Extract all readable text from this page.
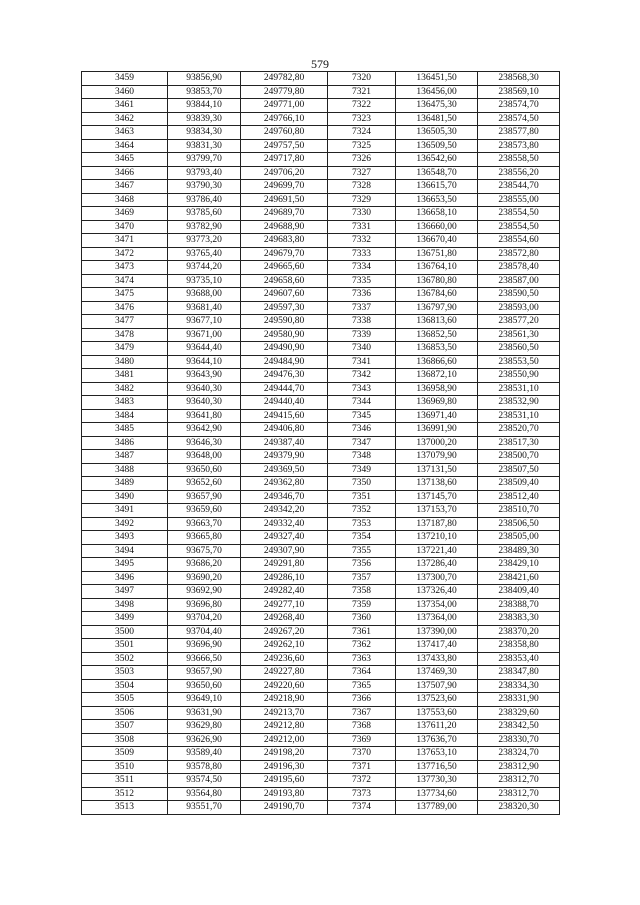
579
3459	93856,90	249782,80	7320	136451,50	238568,30
3460	93853,70	249779,80	7321	136456,00	238569,10
3461	93844,10	249771,00	7322	136475,30	238574,70
3462	93839,30	249766,10	7323	136481,50	238574,50
3463	93834,30	249760,80	7324	136505,30	238577,80
3464	93831,30	249757,50	7325	136509,50	238573,80
3465	93799,70	249717,80	7326	136542,60	238558,50
3466	93793,40	249706,20	7327	136548,70	238556,20
3467	93790,30	249699,70	7328	136615,70	238544,70
3468	93786,40	249691,50	7329	136653,50	238555,00
3469	93785,60	249689,70	7330	136658,10	238554,50
3470	93782,90	249688,90	7331	136660,00	238554,50
3471	93773,20	249683,80	7332	136670,40	238554,60
3472	93765,40	249679,70	7333	136751,80	238572,80
3473	93744,20	249665,60	7334	136764,10	238578,40
3474	93735,10	249658,60	7335	136780,80	238587,00
3475	93688,00	249607,60	7336	136784,60	238590,50
3476	93681,40	249597,30	7337	136797,90	238593,00
3477	93677,10	249590,80	7338	136813,60	238577,20
3478	93671,00	249580,90	7339	136852,50	238561,30
3479	93644,40	249490,90	7340	136853,50	238560,50
3480	93644,10	249484,90	7341	136866,60	238553,50
3481	93643,90	249476,30	7342	136872,10	238550,90
3482	93640,30	249444,70	7343	136958,90	238531,10
3483	93640,30	249440,40	7344	136969,80	238532,90
3484	93641,80	249415,60	7345	136971,40	238531,10
3485	93642,90	249406,80	7346	136991,90	238520,70
3486	93646,30	249387,40	7347	137000,20	238517,30
3487	93648,00	249379,90	7348	137079,90	238500,70
3488	93650,60	249369,50	7349	137131,50	238507,50
3489	93652,60	249362,80	7350	137138,60	238509,40
3490	93657,90	249346,70	7351	137145,70	238512,40
3491	93659,60	249342,20	7352	137153,70	238510,70
3492	93663,70	249332,40	7353	137187,80	238506,50
3493	93665,80	249327,40	7354	137210,10	238505,00
3494	93675,70	249307,90	7355	137221,40	238489,30
3495	93686,20	249291,80	7356	137286,40	238429,10
3496	93690,20	249286,10	7357	137300,70	238421,60
3497	93692,90	249282,40	7358	137326,40	238409,40
3498	93696,80	249277,10	7359	137354,00	238388,70
3499	93704,20	249268,40	7360	137364,00	238383,30
3500	93704,40	249267,20	7361	137390,00	238370,20
3501	93696,90	249262,10	7362	137417,40	238358,80
3502	93666,50	249236,60	7363	137433,80	238353,40
3503	93657,90	249227,80	7364	137469,30	238347,80
3504	93650,60	249220,60	7365	137507,90	238334,30
3505	93649,10	249218,90	7366	137523,60	238331,90
3506	93631,90	249213,70	7367	137553,60	238329,60
3507	93629,80	249212,80	7368	137611,20	238342,50
3508	93626,90	249212,00	7369	137636,70	238330,70
3509	93589,40	249198,20	7370	137653,10	238324,70
3510	93578,80	249196,30	7371	137716,50	238312,90
3511	93574,50	249195,60	7372	137730,30	238312,70
3512	93564,80	249193,80	7373	137734,60	238312,70
3513	93551,70	249190,70	7374	137789,00	238320,30
